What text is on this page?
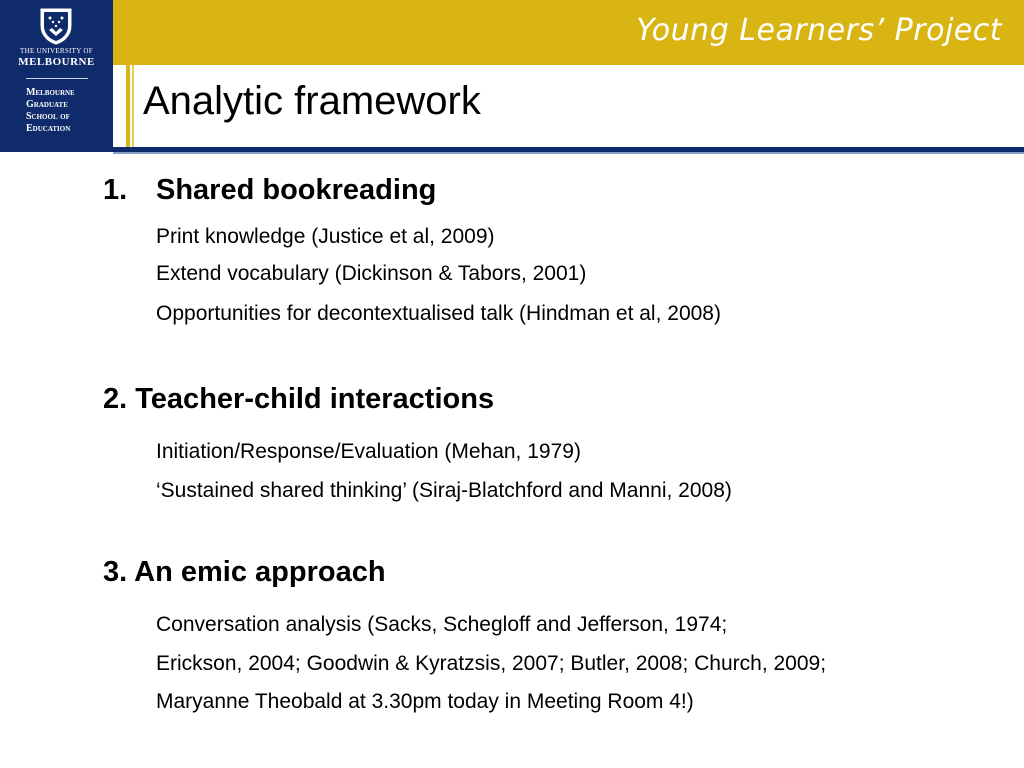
THE UNIVERSITY OF
MELBOURNE
Melbourne
Graduate
School of
Education
Young Learners’ Project
Analytic framework
1. Shared bookreading
Print knowledge (Justice et al, 2009)
Extend vocabulary (Dickinson & Tabors, 2001)
Opportunities for decontextualised talk (Hindman et al, 2008)
2. Teacher-child interactions
Initiation/Response/Evaluation (Mehan, 1979)
‘Sustained shared thinking’ (Siraj-Blatchford and Manni, 2008)
3. An emic approach
Conversation analysis (Sacks, Schegloff and Jefferson, 1974;
Erickson, 2004; Goodwin & Kyratzsis, 2007; Butler, 2008; Church, 2009;
Maryanne Theobald at 3.30pm today in Meeting Room 4!)
